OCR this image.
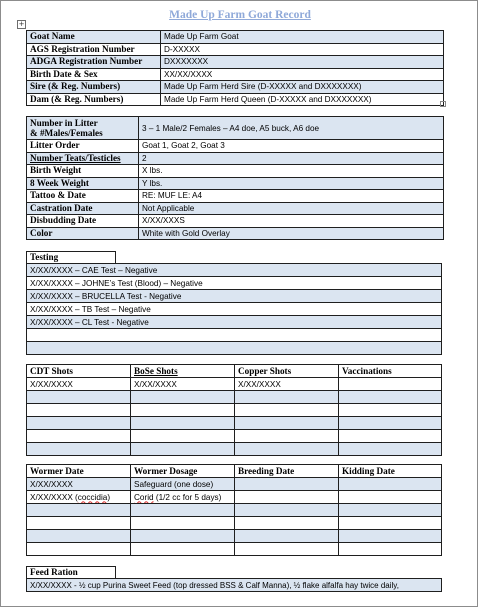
Made Up Farm Goat Record
+
Goat Name	Made Up Farm Goat
AGS Registration Number	D-XXXXX
ADGA Registration Number	DXXXXXXX
Birth Date & Sex	XX/XX/XXXX
Sire (& Reg. Numbers)	Made Up Farm Herd Sire (D-XXXXX and DXXXXXXX)
Dam (& Reg. Numbers)	Made Up Farm Herd Queen (D-XXXXX and DXXXXXXX)
Number in Litter
& #Males/Females	3 – 1 Male/2 Females – A4 doe, A5 buck, A6 doe
Litter Order	Goat 1, Goat 2, Goat 3
Number Teats/Testicles	2
Birth Weight	X lbs.
8 Week Weight	Y lbs.
Tattoo & Date	RE: MUF LE: A4
Castration Date	Not Applicable
Disbudding Date	X/XX/XXXS
Color	White with Gold Overlay
Testing
X/XX/XXXX – CAE Test – Negative
X/XX/XXXX – JOHNE’s Test (Blood) – Negative
X/XX/XXXX – BRUCELLA Test - Negative
X/XX/XXXX – TB Test – Negative
X/XX/XXXX – CL Test - Negative

CDT Shots	BoSe Shots	Copper Shots	Vaccinations
X/XX/XXXX	X/XX/XXXX	X/XX/XXXX	

Wormer Date	Wormer Dosage	Breeding Date	Kidding Date
X/XX/XXXX	Safeguard (one dose)		
X/XX/XXXX (coccidia)	Corid (1/2 cc for 5 days)		

Feed Ration
X/XX/XXXX - ½ cup Purina Sweet Feed (top dressed BSS & Calf Manna), ½ flake alfalfa hay twice daily,
